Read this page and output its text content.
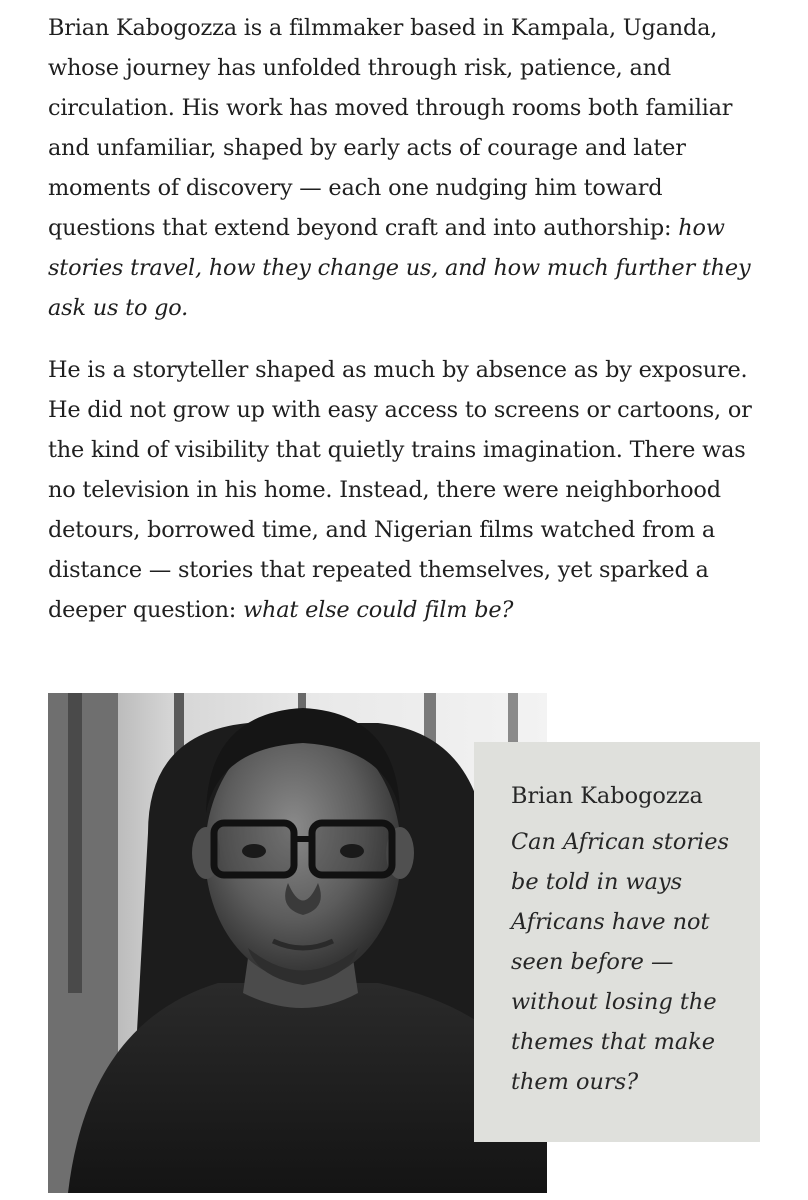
Brian Kabogozza is a filmmaker based in Kampala, Uganda, whose journey has unfolded through risk, patience, and circulation. His work has moved through rooms both familiar and unfamiliar, shaped by early acts of courage and later moments of discovery — each one nudging him toward questions that extend beyond craft and into authorship: how stories travel, how they change us, and how much further they ask us to go.

He is a storyteller shaped as much by absence as by exposure. He did not grow up with easy access to screens or cartoons, or the kind of visibility that quietly trains imagination. There was no television in his home. Instead, there were neighborhood detours, borrowed time, and Nigerian films watched from a distance — stories that repeated themselves, yet sparked a deeper question: what else could film be?

Brian Kabogozza

Can African stories be told in ways Africans have not seen before — without losing the themes that make them ours?
